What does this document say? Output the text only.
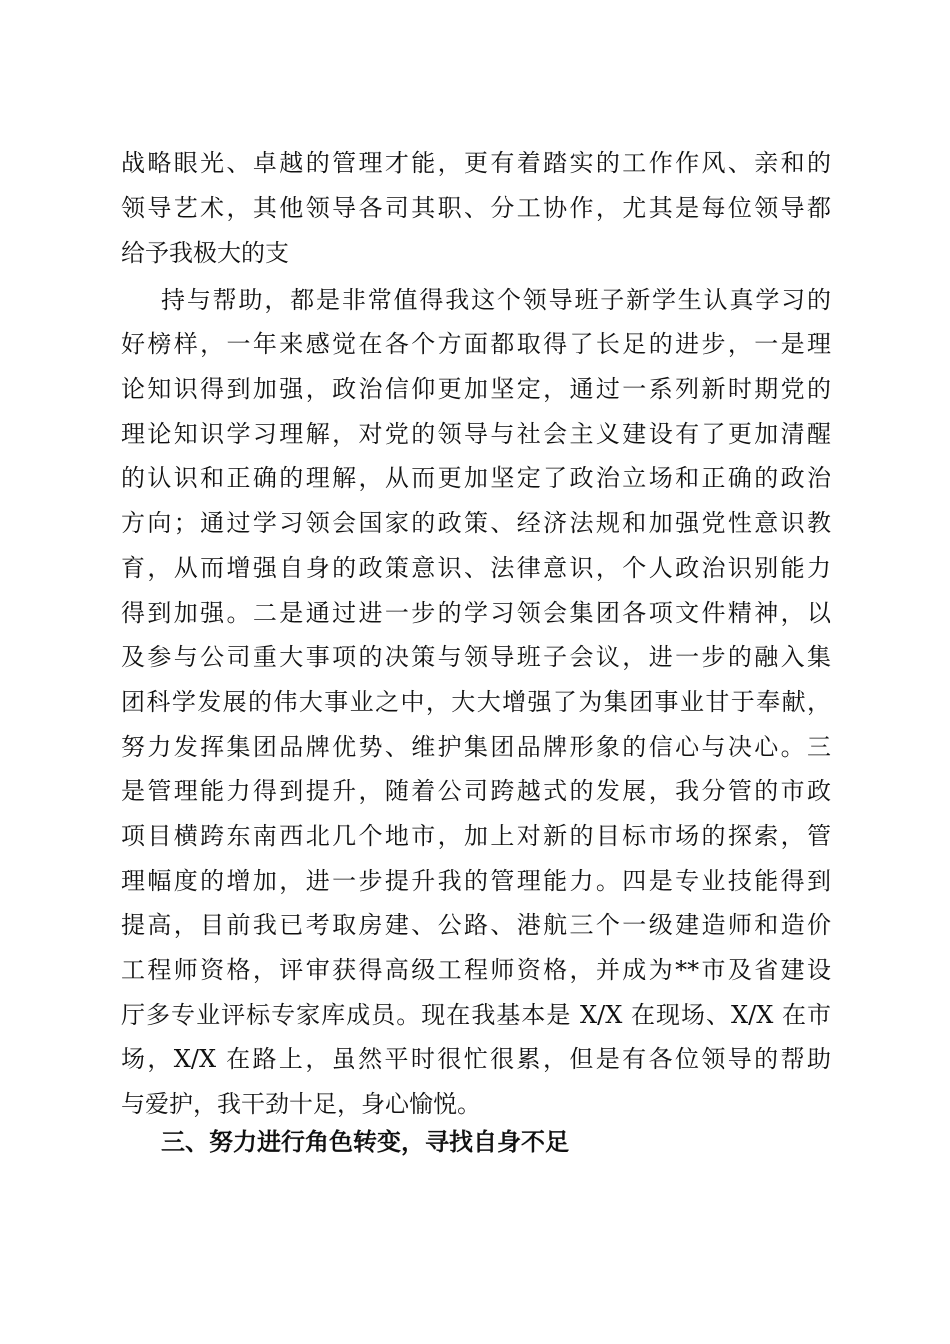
战略眼光、卓越的管理才能，更有着踏实的工作作风、亲和的
领导艺术，其他领导各司其职、分工协作，尤其是每位领导都
给予我极大的支
持与帮助，都是非常值得我这个领导班子新学生认真学习的
好榜样，一年来感觉在各个方面都取得了长足的进步，一是理
论知识得到加强，政治信仰更加坚定，通过一系列新时期党的
理论知识学习理解，对党的领导与社会主义建设有了更加清醒
的认识和正确的理解，从而更加坚定了政治立场和正确的政治
方向；通过学习领会国家的政策、经济法规和加强党性意识教
育，从而增强自身的政策意识、法律意识，个人政治识别能力
得到加强。二是通过进一步的学习领会集团各项文件精神，以
及参与公司重大事项的决策与领导班子会议，进一步的融入集
团科学发展的伟大事业之中，大大增强了为集团事业甘于奉献，
努力发挥集团品牌优势、维护集团品牌形象的信心与决心。三
是管理能力得到提升，随着公司跨越式的发展，我分管的市政
项目横跨东南西北几个地市，加上对新的目标市场的探索，管
理幅度的增加，进一步提升我的管理能力。四是专业技能得到
提高，目前我已考取房建、公路、港航三个一级建造师和造价
工程师资格，评审获得高级工程师资格，并成为**市及省建设
厅多专业评标专家库成员。现在我基本是 X/X 在现场、X/X 在市
场，X/X 在路上，虽然平时很忙很累，但是有各位领导的帮助
与爱护，我干劲十足，身心愉悦。
三、努力进行角色转变，寻找自身不足
